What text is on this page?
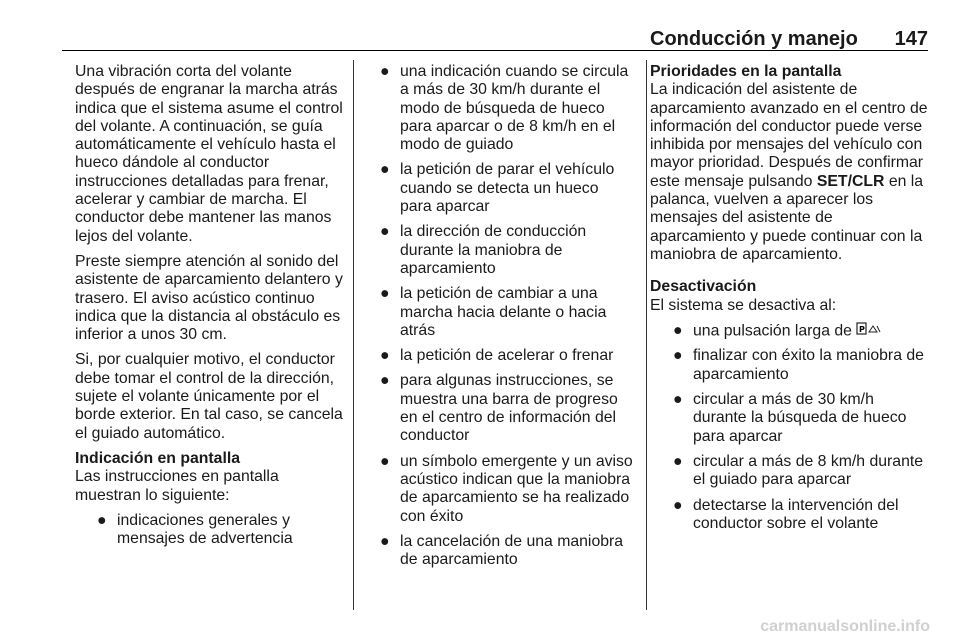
Conducción y manejo 147

Una vibración corta del volante después de engranar la marcha atrás indica que el sistema asume el control del volante. A continuación, se guía automáticamente el vehículo hasta el hueco dándole al conductor instrucciones detalladas para frenar, acelerar y cambiar de marcha. El conductor debe mantener las manos lejos del volante.

Preste siempre atención al sonido del asistente de aparcamiento delantero y trasero. El aviso acústico continuo indica que la distancia al obstáculo es inferior a unos 30 cm.

Si, por cualquier motivo, el conductor debe tomar el control de la dirección, sujete el volante únicamente por el borde exterior. En tal caso, se cancela el guiado automático.

Indicación en pantalla

Las instrucciones en pantalla muestran lo siguiente:

● indicaciones generales y mensajes de advertencia
● una indicación cuando se circula a más de 30 km/h durante el modo de búsqueda de hueco para aparcar o de 8 km/h en el modo de guiado
● la petición de parar el vehículo cuando se detecta un hueco para aparcar
● la dirección de conducción durante la maniobra de aparcamiento
● la petición de cambiar a una marcha hacia delante o hacia atrás
● la petición de acelerar o frenar
● para algunas instrucciones, se muestra una barra de progreso en el centro de información del conductor
● un símbolo emergente y un aviso acústico indican que la maniobra de aparcamiento se ha realizado con éxito
● la cancelación de una maniobra de aparcamiento

Prioridades en la pantalla

La indicación del asistente de aparcamiento avanzado en el centro de información del conductor puede verse inhibida por mensajes del vehículo con mayor prioridad. Después de confirmar este mensaje pulsando SET/CLR en la palanca, vuelven a aparecer los mensajes del asistente de aparcamiento y puede continuar con la maniobra de aparcamiento.

Desactivación

El sistema se desactiva al:

● una pulsación larga de P
● finalizar con éxito la maniobra de aparcamiento
● circular a más de 30 km/h durante la búsqueda de hueco para aparcar
● circular a más de 8 km/h durante el guiado para aparcar
● detectarse la intervención del conductor sobre el volante
carmanualsonline.info
